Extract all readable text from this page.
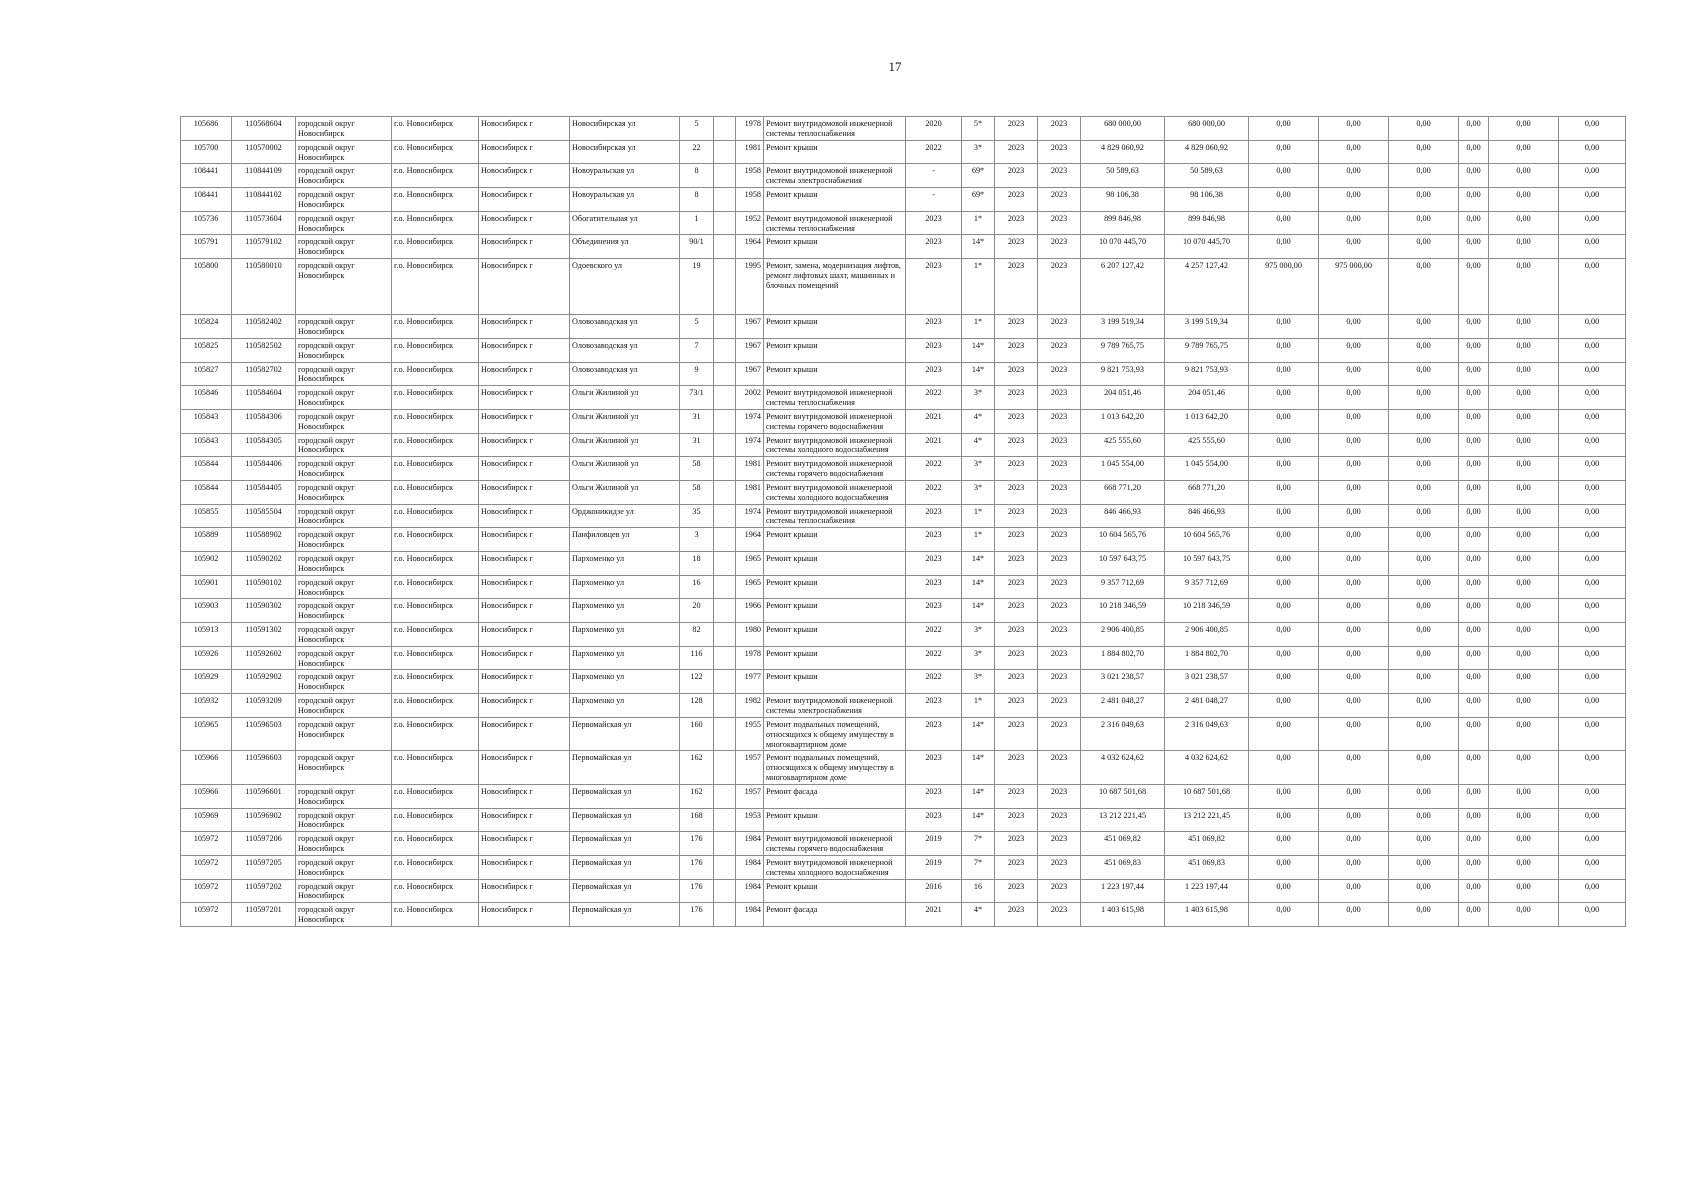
17
105686	110568604	городской округ Новосибирск	г.о. Новосибирск	Новосибирск г	Новосибирская ул	5		1978	Ремонт внутридомовой инженерной системы теплоснабжения	2020	5*	2023	2023	680 000,00	680 000,00	0,00	0,00	0,00	0,00	0,00	0,00
105700	110570002	городской округ Новосибирск	г.о. Новосибирск	Новосибирск г	Новосибирская ул	22		1981	Ремонт крыши	2022	3*	2023	2023	4 829 060,92	4 829 060,92	0,00	0,00	0,00	0,00	0,00	0,00
108441	110844109	городской округ Новосибирск	г.о. Новосибирск	Новосибирск г	Новоуральская ул	8		1958	Ремонт внутридомовой инженерной системы электроснабжения	-	69*	2023	2023	50 589,63	50 589,63	0,00	0,00	0,00	0,00	0,00	0,00
108441	110844102	городской округ Новосибирск	г.о. Новосибирск	Новосибирск г	Новоуральская ул	8		1958	Ремонт крыши	-	69*	2023	2023	98 106,38	98 106,38	0,00	0,00	0,00	0,00	0,00	0,00
105736	110573604	городской округ Новосибирск	г.о. Новосибирск	Новосибирск г	Обогатительная ул	1		1952	Ремонт внутридомовой инженерной системы теплоснабжения	2023	1*	2023	2023	899 846,98	899 846,98	0,00	0,00	0,00	0,00	0,00	0,00
105791	110579102	городской округ Новосибирск	г.о. Новосибирск	Новосибирск г	Объединения ул	90/1		1964	Ремонт крыши	2023	14*	2023	2023	10 070 445,70	10 070 445,70	0,00	0,00	0,00	0,00	0,00	0,00
105800	110580010	городской округ Новосибирск	г.о. Новосибирск	Новосибирск г	Одоевского ул	19		1995	Ремонт, замена, модернизация лифтов, ремонт лифтовых шахт, машинных и блочных помещений	2023	1*	2023	2023	6 207 127,42	4 257 127,42	975 000,00	975 000,00	0,00	0,00	0,00	0,00
105824	110582402	городской округ Новосибирск	г.о. Новосибирск	Новосибирск г	Оловозаводская ул	5		1967	Ремонт крыши	2023	1*	2023	2023	3 199 519,34	3 199 519,34	0,00	0,00	0,00	0,00	0,00	0,00
105825	110582502	городской округ Новосибирск	г.о. Новосибирск	Новосибирск г	Оловозаводская ул	7		1967	Ремонт крыши	2023	14*	2023	2023	9 789 765,75	9 789 765,75	0,00	0,00	0,00	0,00	0,00	0,00
105827	110582702	городской округ Новосибирск	г.о. Новосибирск	Новосибирск г	Оловозаводская ул	9		1967	Ремонт крыши	2023	14*	2023	2023	9 821 753,93	9 821 753,93	0,00	0,00	0,00	0,00	0,00	0,00
105846	110584604	городской округ Новосибирск	г.о. Новосибирск	Новосибирск г	Ольги Жилиной ул	73/1		2002	Ремонт внутридомовой инженерной системы теплоснабжения	2022	3*	2023	2023	204 051,46	204 051,46	0,00	0,00	0,00	0,00	0,00	0,00
105843	110584306	городской округ Новосибирск	г.о. Новосибирск	Новосибирск г	Ольги Жилиной ул	31		1974	Ремонт внутридомовой инженерной системы горячего водоснабжения	2021	4*	2023	2023	1 013 642,20	1 013 642,20	0,00	0,00	0,00	0,00	0,00	0,00
105843	110584305	городской округ Новосибирск	г.о. Новосибирск	Новосибирск г	Ольги Жилиной ул	31		1974	Ремонт внутридомовой инженерной системы холодного водоснабжения	2021	4*	2023	2023	425 555,60	425 555,60	0,00	0,00	0,00	0,00	0,00	0,00
105844	110584406	городской округ Новосибирск	г.о. Новосибирск	Новосибирск г	Ольги Жилиной ул	58		1981	Ремонт внутридомовой инженерной системы горячего водоснабжения	2022	3*	2023	2023	1 045 554,00	1 045 554,00	0,00	0,00	0,00	0,00	0,00	0,00
105844	110584405	городской округ Новосибирск	г.о. Новосибирск	Новосибирск г	Ольги Жилиной ул	58		1981	Ремонт внутридомовой инженерной системы холодного водоснабжения	2022	3*	2023	2023	668 771,20	668 771,20	0,00	0,00	0,00	0,00	0,00	0,00
105855	110585504	городской округ Новосибирск	г.о. Новосибирск	Новосибирск г	Орджоникидзе ул	35		1974	Ремонт внутридомовой инженерной системы теплоснабжения	2023	1*	2023	2023	846 466,93	846 466,93	0,00	0,00	0,00	0,00	0,00	0,00
105889	110588902	городской округ Новосибирск	г.о. Новосибирск	Новосибирск г	Панфиловцев ул	3		1964	Ремонт крыши	2023	1*	2023	2023	10 604 565,76	10 604 565,76	0,00	0,00	0,00	0,00	0,00	0,00
105902	110590202	городской округ Новосибирск	г.о. Новосибирск	Новосибирск г	Пархоменко ул	18		1965	Ремонт крыши	2023	14*	2023	2023	10 597 643,75	10 597 643,75	0,00	0,00	0,00	0,00	0,00	0,00
105901	110590102	городской округ Новосибирск	г.о. Новосибирск	Новосибирск г	Пархоменко ул	16		1965	Ремонт крыши	2023	14*	2023	2023	9 357 712,69	9 357 712,69	0,00	0,00	0,00	0,00	0,00	0,00
105903	110590302	городской округ Новосибирск	г.о. Новосибирск	Новосибирск г	Пархоменко ул	20		1966	Ремонт крыши	2023	14*	2023	2023	10 218 346,59	10 218 346,59	0,00	0,00	0,00	0,00	0,00	0,00
105913	110591302	городской округ Новосибирск	г.о. Новосибирск	Новосибирск г	Пархоменко ул	82		1980	Ремонт крыши	2022	3*	2023	2023	2 906 400,85	2 906 400,85	0,00	0,00	0,00	0,00	0,00	0,00
105926	110592602	городской округ Новосибирск	г.о. Новосибирск	Новосибирск г	Пархоменко ул	116		1978	Ремонт крыши	2022	3*	2023	2023	1 884 802,70	1 884 802,70	0,00	0,00	0,00	0,00	0,00	0,00
105929	110592902	городской округ Новосибирск	г.о. Новосибирск	Новосибирск г	Пархоменко ул	122		1977	Ремонт крыши	2022	3*	2023	2023	3 021 238,57	3 021 238,57	0,00	0,00	0,00	0,00	0,00	0,00
105932	110593209	городской округ Новосибирск	г.о. Новосибирск	Новосибирск г	Пархоменко ул	128		1982	Ремонт внутридомовой инженерной системы электроснабжения	2023	1*	2023	2023	2 481 048,27	2 481 048,27	0,00	0,00	0,00	0,00	0,00	0,00
105965	110596503	городской округ Новосибирск	г.о. Новосибирск	Новосибирск г	Первомайская ул	160		1955	Ремонт подвальных помещений, относящихся к общему имуществу в многоквартирном доме	2023	14*	2023	2023	2 316 049,63	2 316 049,63	0,00	0,00	0,00	0,00	0,00	0,00
105966	110596603	городской округ Новосибирск	г.о. Новосибирск	Новосибирск г	Первомайская ул	162		1957	Ремонт подвальных помещений, относящихся к общему имуществу в многоквартирном доме	2023	14*	2023	2023	4 032 624,62	4 032 624,62	0,00	0,00	0,00	0,00	0,00	0,00
105966	110596601	городской округ Новосибирск	г.о. Новосибирск	Новосибирск г	Первомайская ул	162		1957	Ремонт фасада	2023	14*	2023	2023	10 687 501,68	10 687 501,68	0,00	0,00	0,00	0,00	0,00	0,00
105969	110596902	городской округ Новосибирск	г.о. Новосибирск	Новосибирск г	Первомайская ул	168		1953	Ремонт крыши	2023	14*	2023	2023	13 212 221,45	13 212 221,45	0,00	0,00	0,00	0,00	0,00	0,00
105972	110597206	городской округ Новосибирск	г.о. Новосибирск	Новосибирск г	Первомайская ул	176		1984	Ремонт внутридомовой инженерной системы горячего водоснабжения	2019	7*	2023	2023	451 069,82	451 069,82	0,00	0,00	0,00	0,00	0,00	0,00
105972	110597205	городской округ Новосибирск	г.о. Новосибирск	Новосибирск г	Первомайская ул	176		1984	Ремонт внутридомовой инженерной системы холодного водоснабжения	2019	7*	2023	2023	451 069,83	451 069,83	0,00	0,00	0,00	0,00	0,00	0,00
105972	110597202	городской округ Новосибирск	г.о. Новосибирск	Новосибирск г	Первомайская ул	176		1984	Ремонт крыши	2016	16	2023	2023	1 223 197,44	1 223 197,44	0,00	0,00	0,00	0,00	0,00	0,00
105972	110597201	городской округ Новосибирск	г.о. Новосибирск	Новосибирск г	Первомайская ул	176		1984	Ремонт фасада	2021	4*	2023	2023	1 403 615,98	1 403 615,98	0,00	0,00	0,00	0,00	0,00	0,00
